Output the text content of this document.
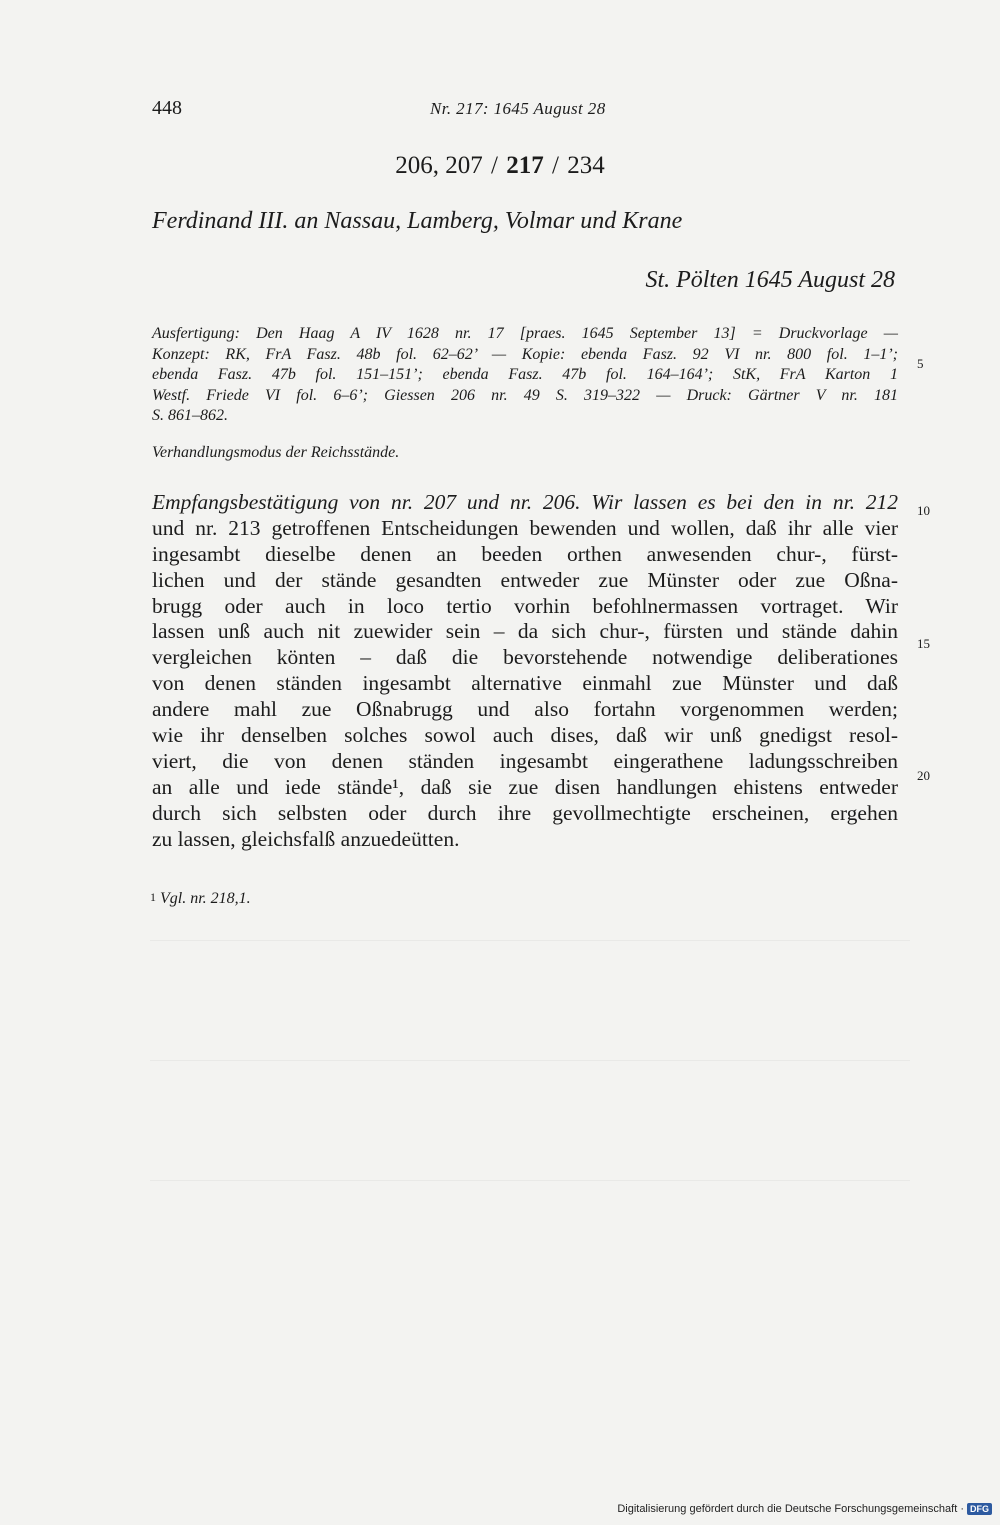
448	Nr. 217: 1645 August 28
206, 207 / 217 / 234
Ferdinand III. an Nassau, Lamberg, Volmar und Krane
St. Pölten 1645 August 28
Ausfertigung: Den Haag A IV 1628 nr. 17 [praes. 1645 September 13] = Druckvorlage —
Konzept: RK, FrA Fasz. 48b fol. 62–62’ — Kopie: ebenda Fasz. 92 VI nr. 800 fol. 1–1’;
ebenda Fasz. 47b fol. 151–151’; ebenda Fasz. 47b fol. 164–164’; StK, FrA Karton 1
Westf. Friede VI fol. 6–6’; Giessen 206 nr. 49 S. 319–322 — Druck: Gärtner V nr. 181
S. 861–862.
Verhandlungsmodus der Reichsstände.
5
Empfangsbestätigung von nr. 207 und nr. 206. Wir lassen es bei den in nr. 212
und nr. 213 getroffenen Entscheidungen bewenden und wollen, daß ihr alle vier
ingesambt dieselbe denen an beeden orthen anwesenden chur-, fürst-
lichen und der stände gesandten entweder zue Münster oder zue Oßna-
brugg oder auch in loco tertio vorhin befohlnermassen vortraget. Wir
lassen unß auch nit zuewider sein – da sich chur-, fürsten und stände dahin
vergleichen könten – daß die bevorstehende notwendige deliberationes
von denen ständen ingesambt alternative einmahl zue Münster und daß
andere mahl zue Oßnabrugg und also fortahn vorgenommen werden;
wie ihr denselben solches sowol auch dises, daß wir unß gnedigst resol-
viert, die von denen ständen ingesambt eingerathene ladungsschreiben
an alle und iede stände¹, daß sie zue disen handlungen ehistens entweder
durch sich selbsten oder durch ihre gevollmechtigte erscheinen, ergehen
zu lassen, gleichsfalß anzuedeütten.
10
15
20
$^1$ Vgl. nr. 218,1.
Digitalisierung gefördert durch die Deutsche Forschungsgemeinschaft · DFG
